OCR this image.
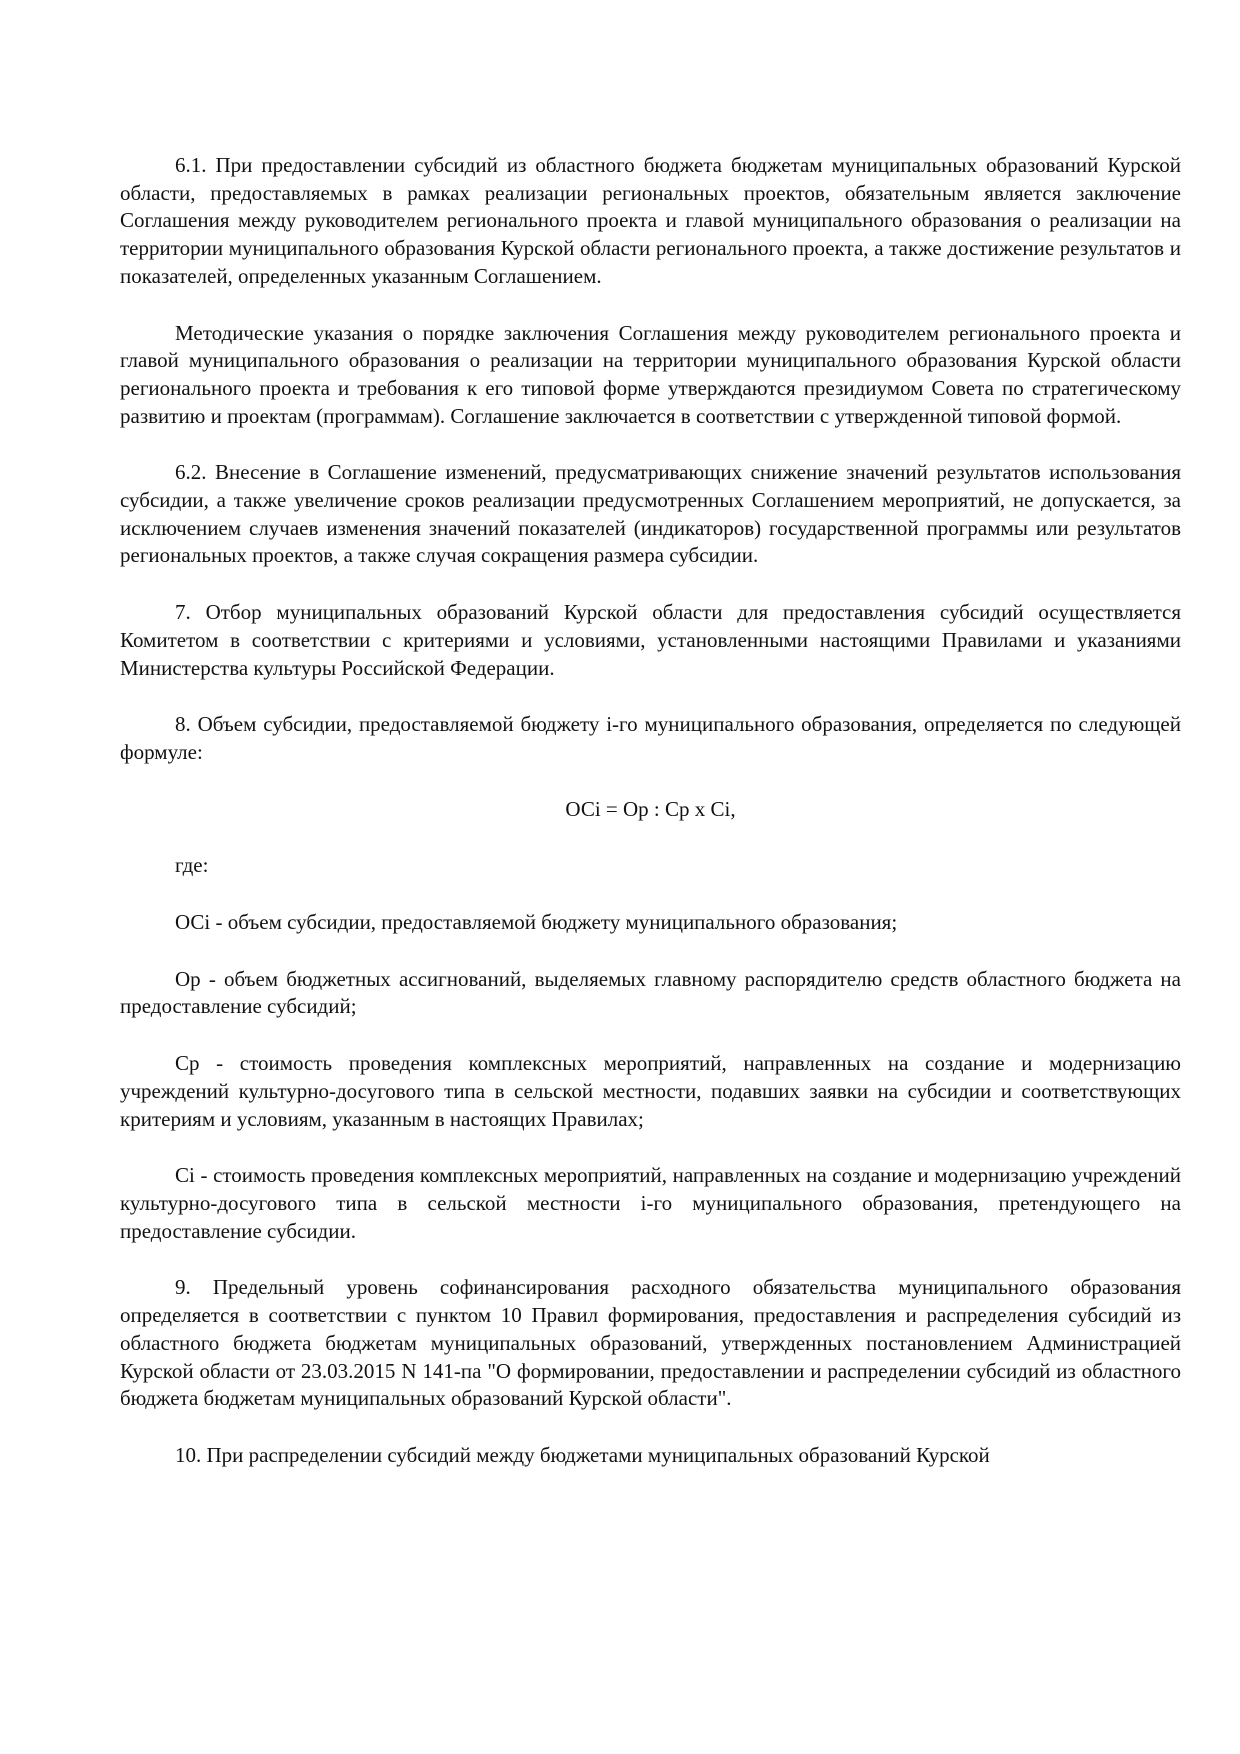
6.1. При предоставлении субсидий из областного бюджета бюджетам муниципальных образований Курской области, предоставляемых в рамках реализации региональных проектов, обязательным является заключение Соглашения между руководителем регионального проекта и главой муниципального образования о реализации на территории муниципального образования Курской области регионального проекта, а также достижение результатов и показателей, определенных указанным Соглашением.

Методические указания о порядке заключения Соглашения между руководителем регионального проекта и главой муниципального образования о реализации на территории муниципального образования Курской области регионального проекта и требования к его типовой форме утверждаются президиумом Совета по стратегическому развитию и проектам (программам). Соглашение заключается в соответствии с утвержденной типовой формой.

6.2. Внесение в Соглашение изменений, предусматривающих снижение значений результатов использования субсидии, а также увеличение сроков реализации предусмотренных Соглашением мероприятий, не допускается, за исключением случаев изменения значений показателей (индикаторов) государственной программы или результатов региональных проектов, а также случая сокращения размера субсидии.

7. Отбор муниципальных образований Курской области для предоставления субсидий осуществляется Комитетом в соответствии с критериями и условиями, установленными настоящими Правилами и указаниями Министерства культуры Российской Федерации.

8. Объем субсидии, предоставляемой бюджету i-го муниципального образования, определяется по следующей формуле:

ОСi = Ор : Ср x Сi,

где:

ОСi - объем субсидии, предоставляемой бюджету муниципального образования;

Ор - объем бюджетных ассигнований, выделяемых главному распорядителю средств областного бюджета на предоставление субсидий;

Ср - стоимость проведения комплексных мероприятий, направленных на создание и модернизацию учреждений культурно-досугового типа в сельской местности, подавших заявки на субсидии и соответствующих критериям и условиям, указанным в настоящих Правилах;

Сi - стоимость проведения комплексных мероприятий, направленных на создание и модернизацию учреждений культурно-досугового типа в сельской местности i-го муниципального образования, претендующего на предоставление субсидии.

9. Предельный уровень софинансирования расходного обязательства муниципального образования определяется в соответствии с пунктом 10 Правил формирования, предоставления и распределения субсидий из областного бюджета бюджетам муниципальных образований, утвержденных постановлением Администрацией Курской области от 23.03.2015 N 141-па "О формировании, предоставлении и распределении субсидий из областного бюджета бюджетам муниципальных образований Курской области".

10. При распределении субсидий между бюджетами муниципальных образований Курской
